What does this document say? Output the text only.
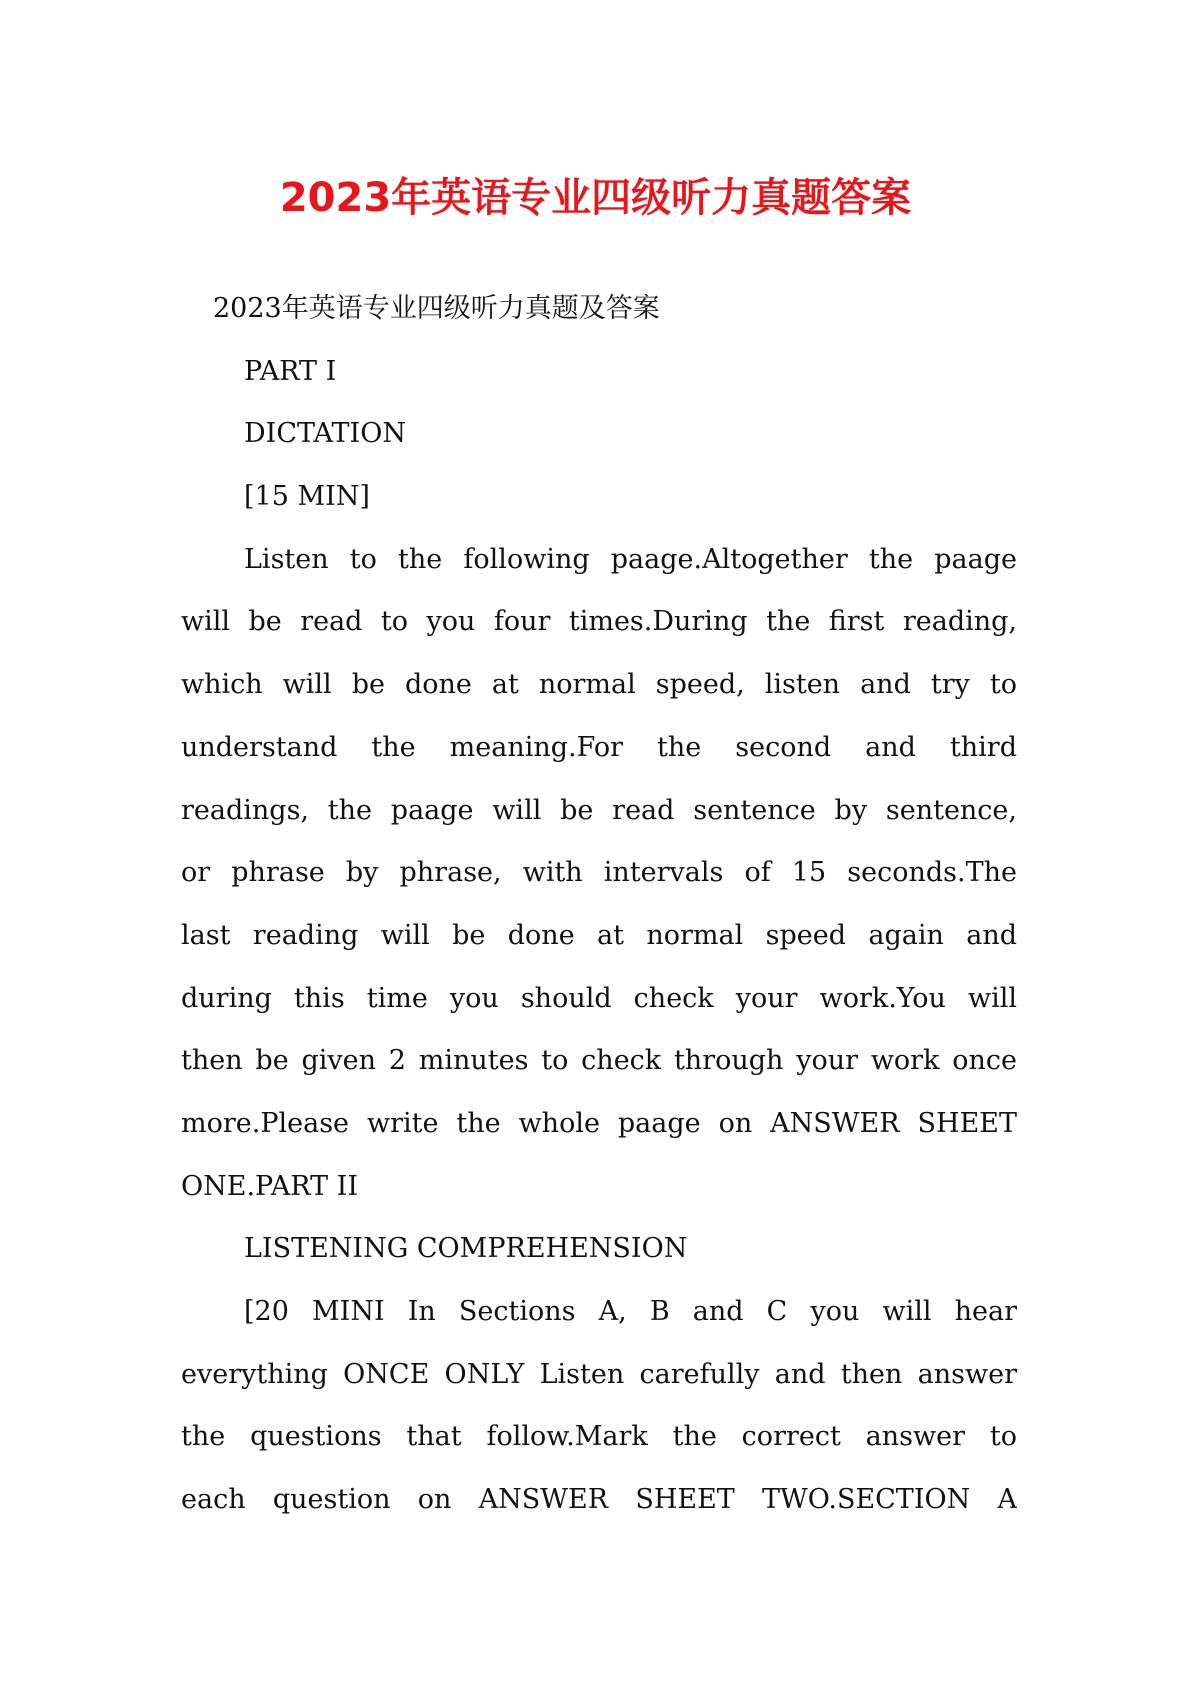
2023年英语专业四级听力真题答案
2023年英语专业四级听力真题及答案
PART I
DICTATION
[15 MIN]
Listen to the following paage.Altogether the paage
will be read to you four times.During the first reading,
which will be done at normal speed, listen and try to
understand the meaning.For the second and third
readings, the paage will be read sentence by sentence,
or phrase by phrase, with intervals of 15 seconds.The
last reading will be done at normal speed again and
during this time you should check your work.You will
then be given 2 minutes to check through your work once
more.Please write the whole paage on ANSWER SHEET
ONE.PART II
LISTENING COMPREHENSION
[20 MINI In Sections A, B and C you will hear
everything ONCE ONLY Listen carefully and then answer
the questions that follow.Mark the correct answer to
each question on ANSWER SHEET TWO.SECTION A
